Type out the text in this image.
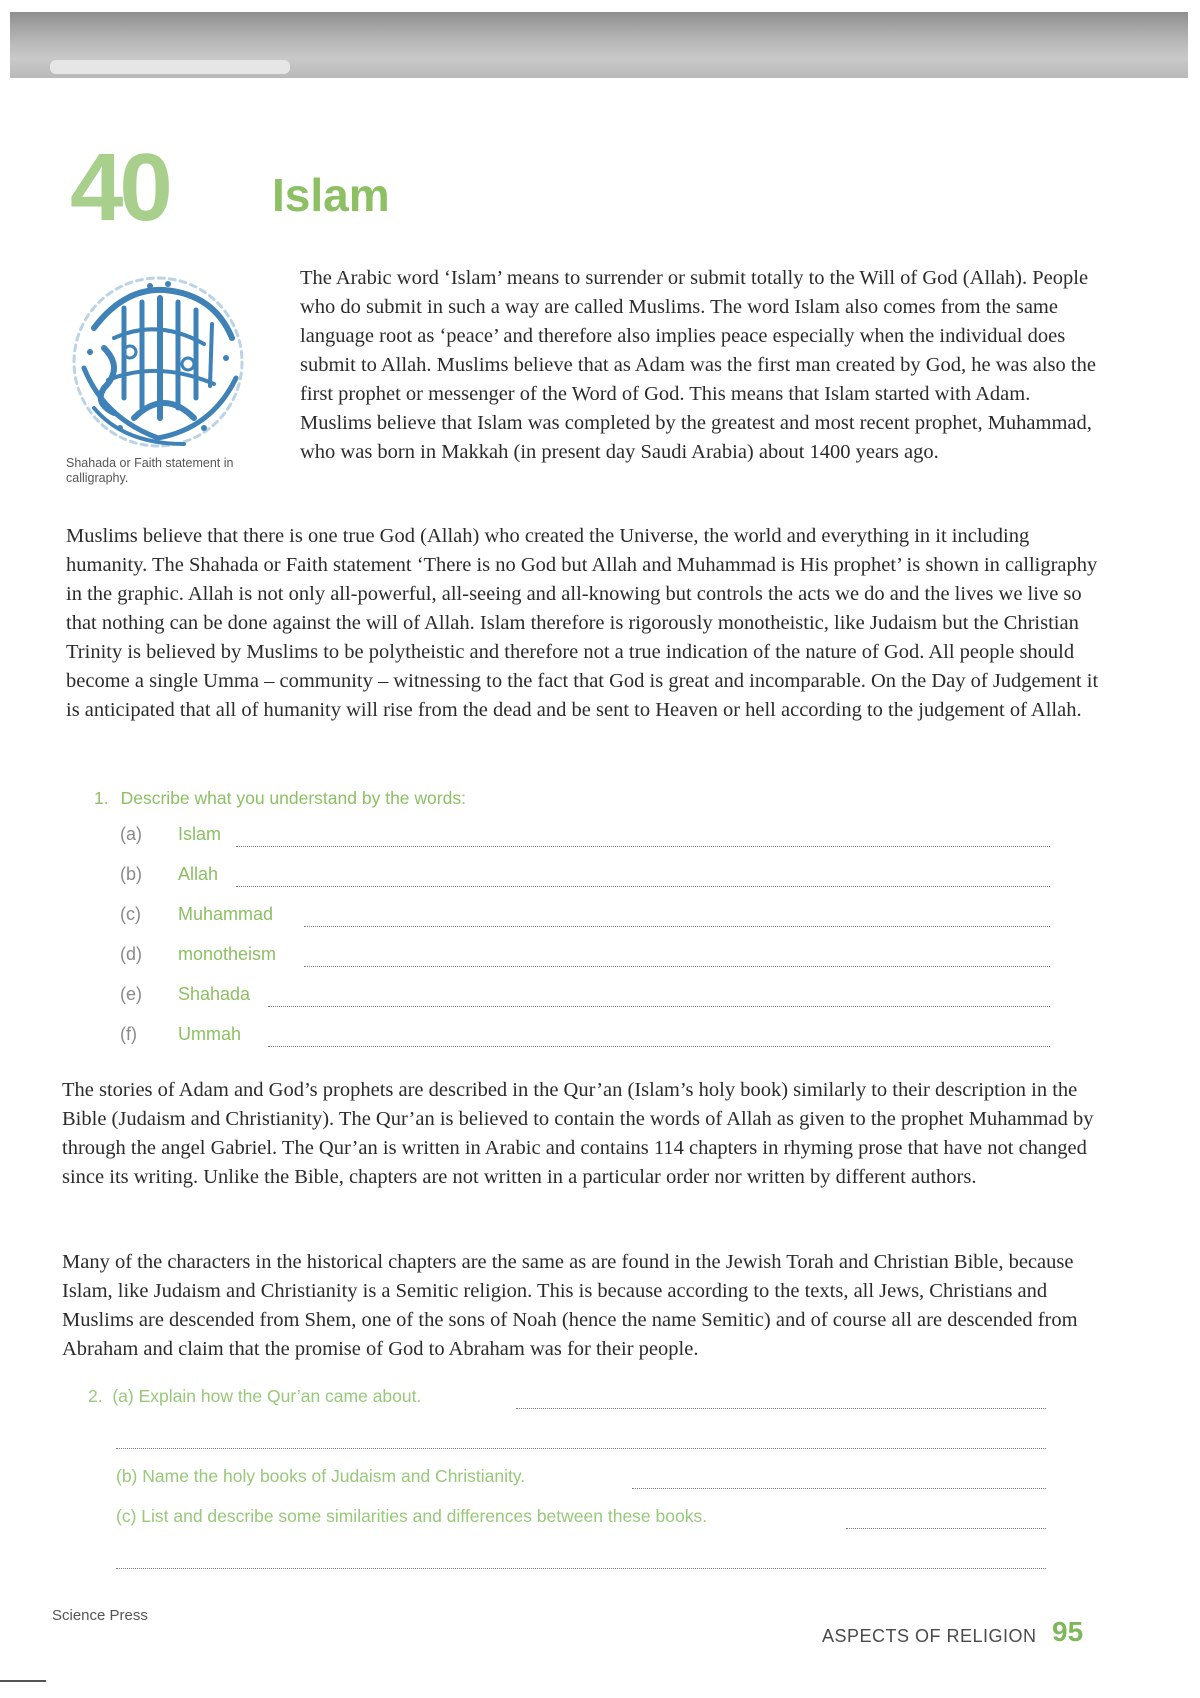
40 Islam
Shahada or Faith statement in calligraphy.
The Arabic word ‘Islam’ means to surrender or submit totally to the Will of God (Allah). People who do submit in such a way are called Muslims. The word Islam also comes from the same language root as ‘peace’ and therefore also implies peace especially when the individual does submit to Allah. Muslims believe that as Adam was the first man created by God, he was also the first prophet or messenger of the Word of God. This means that Islam started with Adam. Muslims believe that Islam was completed by the greatest and most recent prophet, Muhammad, who was born in Makkah (in present day Saudi Arabia) about 1400 years ago.
Muslims believe that there is one true God (Allah) who created the Universe, the world and everything in it including humanity. The Shahada or Faith statement ‘There is no God but Allah and Muhammad is His prophet’ is shown in calligraphy in the graphic. Allah is not only all-powerful, all-seeing and all-knowing but controls the acts we do and the lives we live so that nothing can be done against the will of Allah. Islam therefore is rigorously monotheistic, like Judaism but the Christian Trinity is believed by Muslims to be polytheistic and therefore not a true indication of the nature of God. All people should become a single Umma – community – witnessing to the fact that God is great and incomparable. On the Day of Judgement it is anticipated that all of humanity will rise from the dead and be sent to Heaven or hell according to the judgement of Allah.
1. Describe what you understand by the words:
(a)	Islam
(b)	Allah
(c)	Muhammad
(d)	monotheism
(e)	Shahada
(f)	Ummah
The stories of Adam and God’s prophets are described in the Qur’an (Islam’s holy book) similarly to their description in the Bible (Judaism and Christianity). The Qur’an is believed to contain the words of Allah as given to the prophet Muhammad by through the angel Gabriel. The Qur’an is written in Arabic and contains 114 chapters in rhyming prose that have not changed since its writing. Unlike the Bible, chapters are not written in a particular order nor written by different authors.
Many of the characters in the historical chapters are the same as are found in the Jewish Torah and Christian Bible, because Islam, like Judaism and Christianity is a Semitic religion. This is because according to the texts, all Jews, Christians and Muslims are descended from Shem, one of the sons of Noah (hence the name Semitic) and of course all are descended from Abraham and claim that the promise of God to Abraham was for their people.
2. (a) Explain how the Qur’an came about.
(b) Name the holy books of Judaism and Christianity.
(c) List and describe some similarities and differences between these books.
Science Press
ASPECTS OF RELIGION 95
